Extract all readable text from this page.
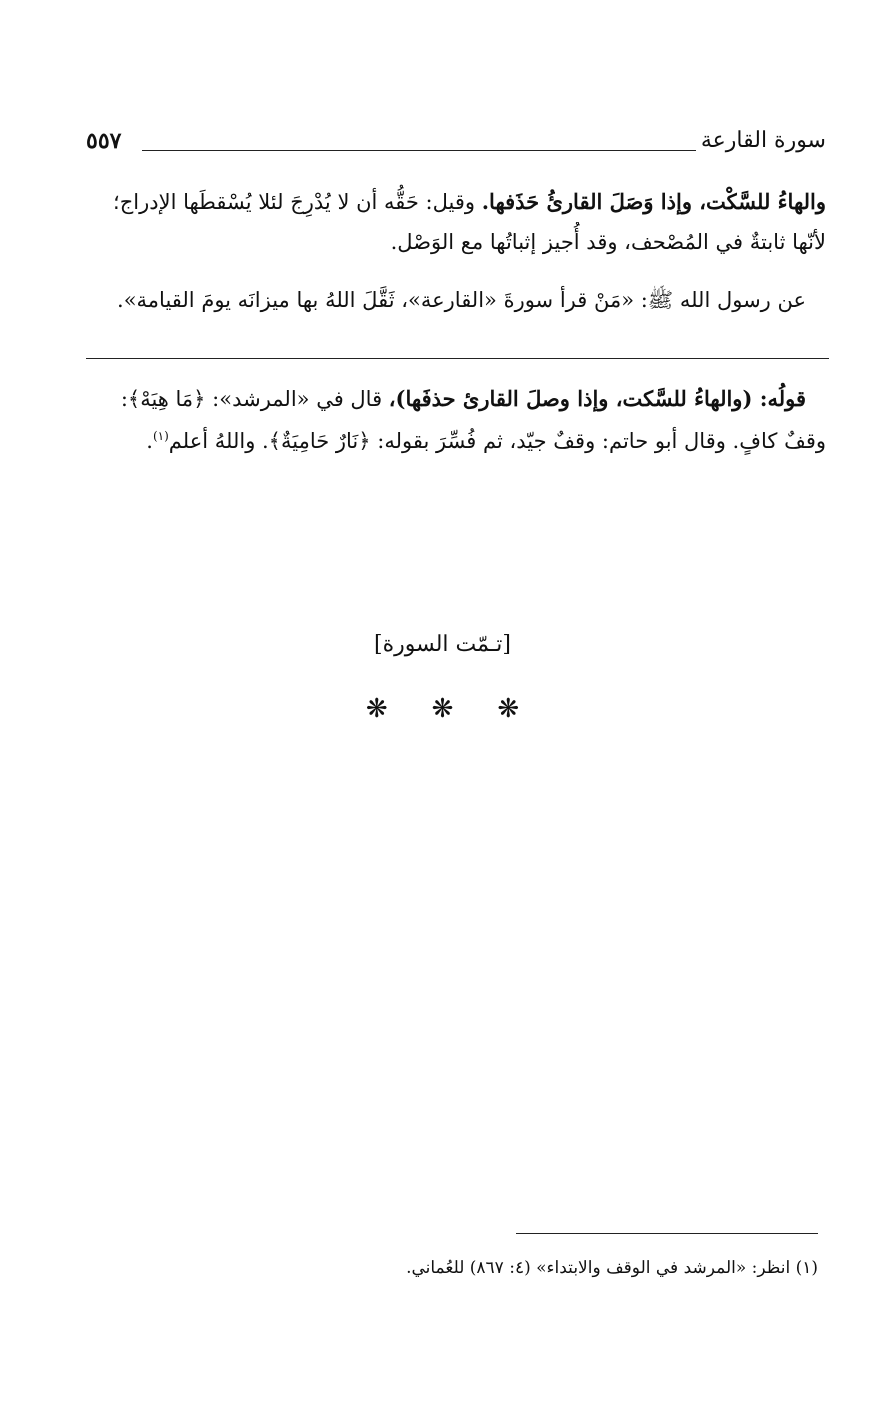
٥٥٧	سورة القارعة
والهاءُ للسَّكْت، وإذا وَصَلَ القارئُ حَذَفها. وقيل: حَقُّه أن لا يُدْرِجَ لئلا يُسْقطَها الإدراج؛
لأنّها ثابتةٌ في المُصْحف، وقد أُجيز إثباتُها مع الوَصْل.
عن رسول الله ﷺ: «مَنْ قرأ سورةَ «القارعة»، ثَقَّلَ اللهُ بها ميزانَه يومَ القيامة».
قولُه: (والهاءُ للسَّكت، وإذا وصلَ القارئ حذفَها)، قال في «المرشد»: ﴿مَا هِيَهْ﴾:
وقفٌ كافٍ. وقال أبو حاتم: وقفٌ جيّد، ثم فُسِّرَ بقوله: ﴿نَارٌ حَامِيَةٌ﴾. واللهُ أعلم$^{(١)}$.
[تـمّت السورة]
❋❋❋
(١) انظر: «المرشد في الوقف والابتداء» (٤: ٨٦٧) للعُماني.
